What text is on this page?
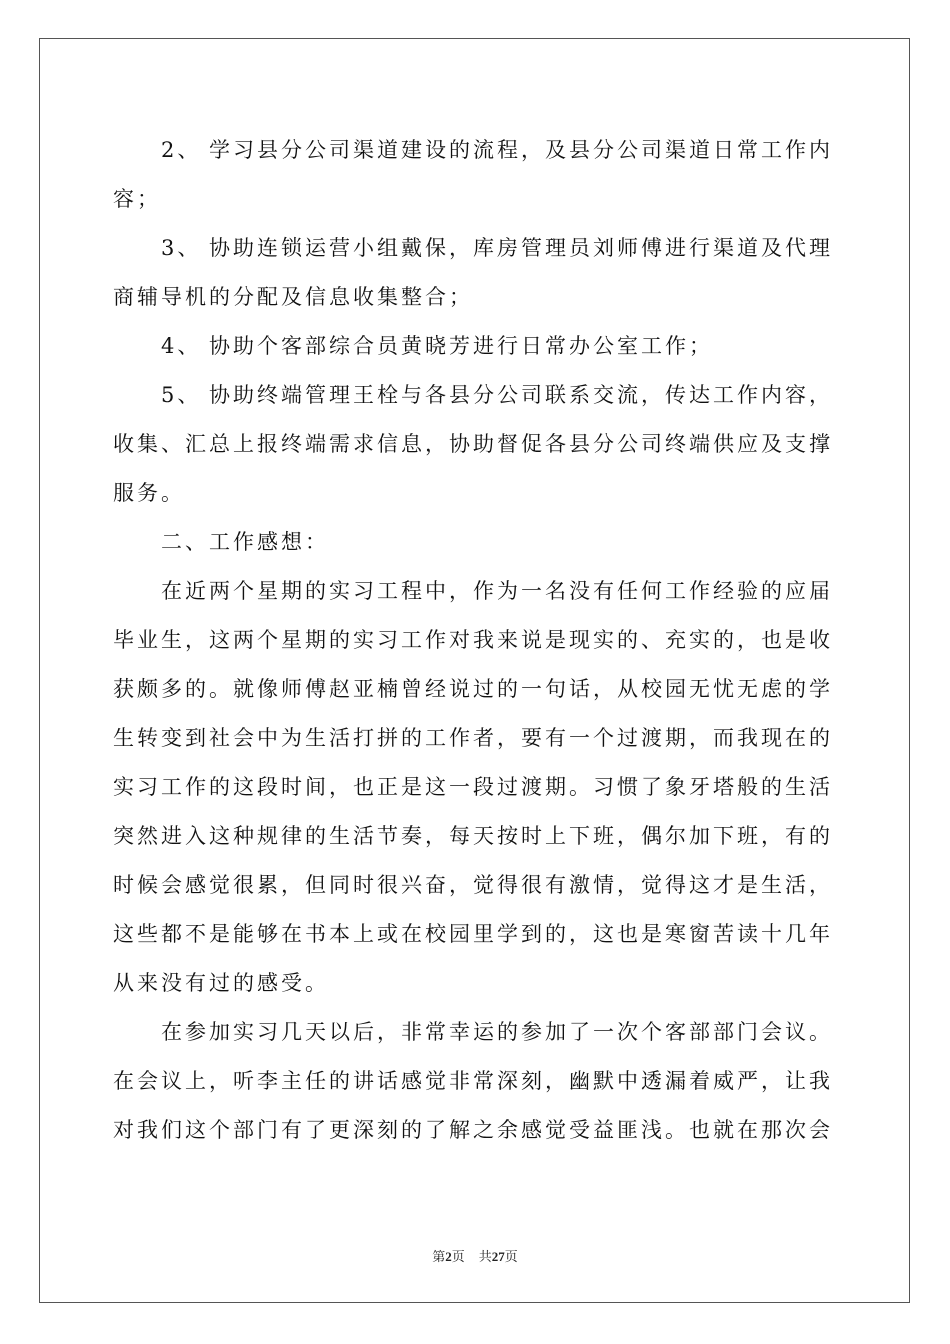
2、 学习县分公司渠道建设的流程，及县分公司渠道日常工作内容；

3、 协助连锁运营小组戴保，库房管理员刘师傅进行渠道及代理商辅导机的分配及信息收集整合；

4、 协助个客部综合员黄晓芳进行日常办公室工作；

5、 协助终端管理王栓与各县分公司联系交流，传达工作内容，收集、汇总上报终端需求信息，协助督促各县分公司终端供应及支撑服务。

二、工作感想：

在近两个星期的实习工程中，作为一名没有任何工作经验的应届毕业生，这两个星期的实习工作对我来说是现实的、充实的，也是收获颇多的。就像师傅赵亚楠曾经说过的一句话，从校园无忧无虑的学生转变到社会中为生活打拼的工作者，要有一个过渡期，而我现在的实习工作的这段时间，也正是这一段过渡期。习惯了象牙塔般的生活突然进入这种规律的生活节奏，每天按时上下班，偶尔加下班，有的时候会感觉很累，但同时很兴奋，觉得很有激情，觉得这才是生活，这些都不是能够在书本上或在校园里学到的，这也是寒窗苦读十几年从来没有过的感受。

在参加实习几天以后，非常幸运的参加了一次个客部部门会议。在会议上，听李主任的讲话感觉非常深刻，幽默中透漏着威严，让我对我们这个部门有了更深刻的了解之余感觉受益匪浅。也就在那次会

第2页 共27页
